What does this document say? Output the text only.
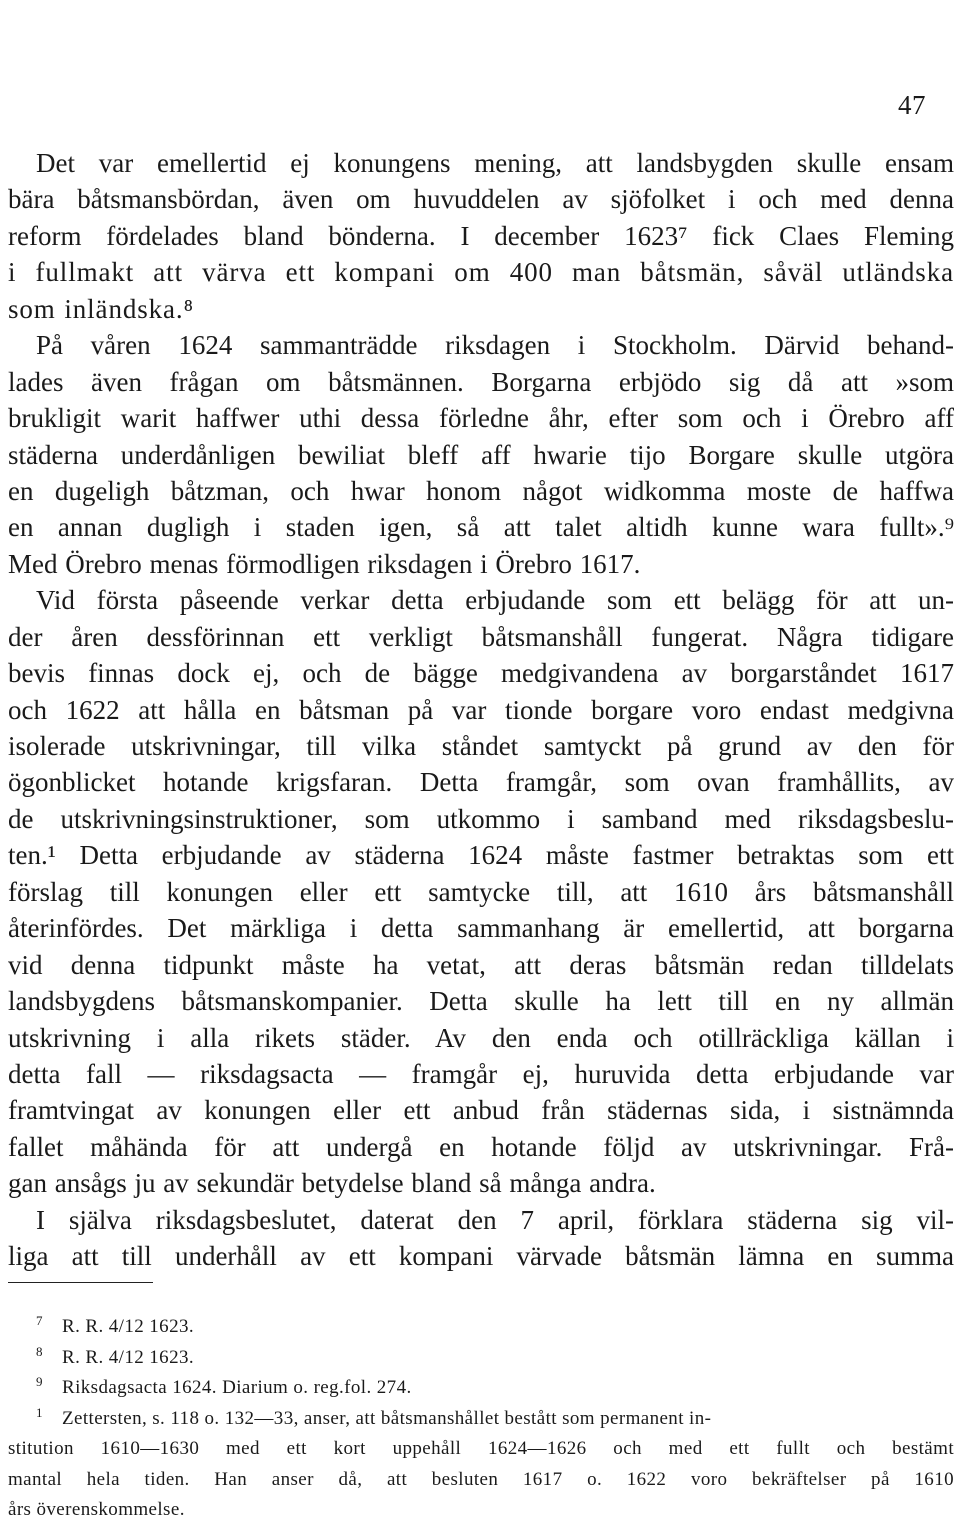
47
Det var emellertid ej konungens mening, att landsbygden skulle ensam
bära båtsmansbördan, även om huvuddelen av sjöfolket i och med denna
reform fördelades bland bönderna. I december 1623⁷ fick Claes Fleming
i fullmakt att värva ett kompani om 400 man båtsmän, såväl utländska
som inländska.⁸
På våren 1624 sammanträdde riksdagen i Stockholm. Därvid behand-
lades även frågan om båtsmännen. Borgarna erbjödo sig då att »som
brukligit warit haffwer uthi dessa förledne åhr, efter som och i Örebro aff
städerna underdånligen bewiliat bleff aff hwarie tijo Borgare skulle utgöra
en dugeligh båtzman, och hwar honom något widkomma moste de haffwa
en annan dugligh i staden igen, så att talet altidh kunne wara fullt».⁹
Med Örebro menas förmodligen riksdagen i Örebro 1617.
Vid första påseende verkar detta erbjudande som ett belägg för att un-
der åren dessförinnan ett verkligt båtsmanshåll fungerat. Några tidigare
bevis finnas dock ej, och de bägge medgivandena av borgarståndet 1617
och 1622 att hålla en båtsman på var tionde borgare voro endast medgivna
isolerade utskrivningar, till vilka ståndet samtyckt på grund av den för
ögonblicket hotande krigsfaran. Detta framgår, som ovan framhållits, av
de utskrivningsinstruktioner, som utkommo i samband med riksdagsbeslu-
ten.¹ Detta erbjudande av städerna 1624 måste fastmer betraktas som ett
förslag till konungen eller ett samtycke till, att 1610 års båtsmanshåll
återinfördes. Det märkliga i detta sammanhang är emellertid, att borgarna
vid denna tidpunkt måste ha vetat, att deras båtsmän redan tilldelats
landsbygdens båtsmanskompanier. Detta skulle ha lett till en ny allmän
utskrivning i alla rikets städer. Av den enda och otillräckliga källan i
detta fall — riksdagsacta — framgår ej, huruvida detta erbjudande var
framtvingat av konungen eller ett anbud från städernas sida, i sistnämnda
fallet måhända för att undergå en hotande följd av utskrivningar. Frå-
gan ansågs ju av sekundär betydelse bland så många andra.
I själva riksdagsbeslutet, daterat den 7 april, förklara städerna sig vil-
liga att till underhåll av ett kompani värvade båtsmän lämna en summa
7 R. R. 4/12 1623.
8 R. R. 4/12 1623.
9 Riksdagsacta 1624. Diarium o. reg.fol. 274.
1 Zettersten, s. 118 o. 132—33, anser, att båtsmanshållet bestått som permanent in-
stitution 1610—1630 med ett kort uppehåll 1624—1626 och med ett fullt och bestämt
mantal hela tiden. Han anser då, att besluten 1617 o. 1622 voro bekräftelser på 1610
års överenskommelse.
